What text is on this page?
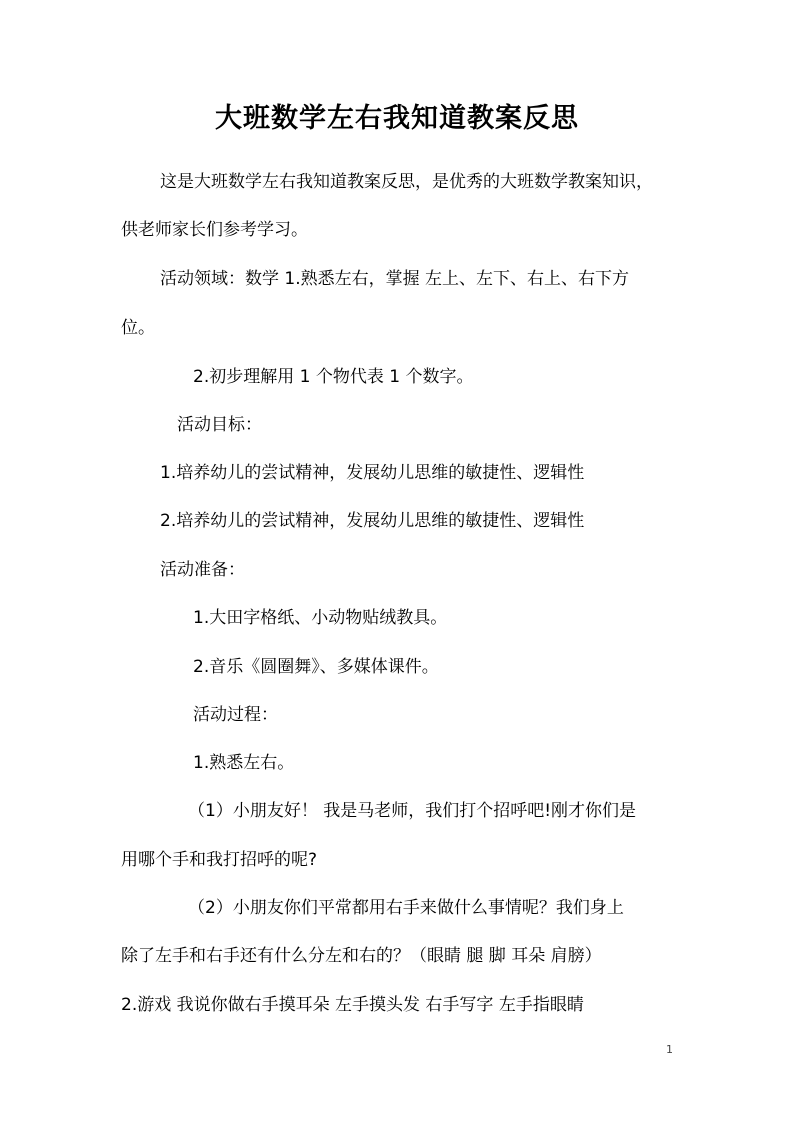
大班数学左右我知道教案反思
这是大班数学左右我知道教案反思，是优秀的大班数学教案知识，
供老师家长们参考学习。
活动领域：数学 1.熟悉左右，掌握 左上、左下、右上、右下方
位。
2.初步理解用 1 个物代表 1 个数字。
活动目标：
1.培养幼儿的尝试精神，发展幼儿思维的敏捷性、逻辑性
2.培养幼儿的尝试精神，发展幼儿思维的敏捷性、逻辑性
活动准备：
1.大田字格纸、小动物贴绒教具。
2.音乐《圆圈舞》、多媒体课件。
活动过程：
1.熟悉左右。
（1）小朋友好！ 我是马老师，我们打个招呼吧!刚才你们是
用哪个手和我打招呼的呢?
（2）小朋友你们平常都用右手来做什么事情呢？我们身上
除了左手和右手还有什么分左和右的？（眼睛 腿 脚 耳朵 肩膀）
2.游戏 我说你做右手摸耳朵 左手摸头发 右手写字 左手指眼睛
1
